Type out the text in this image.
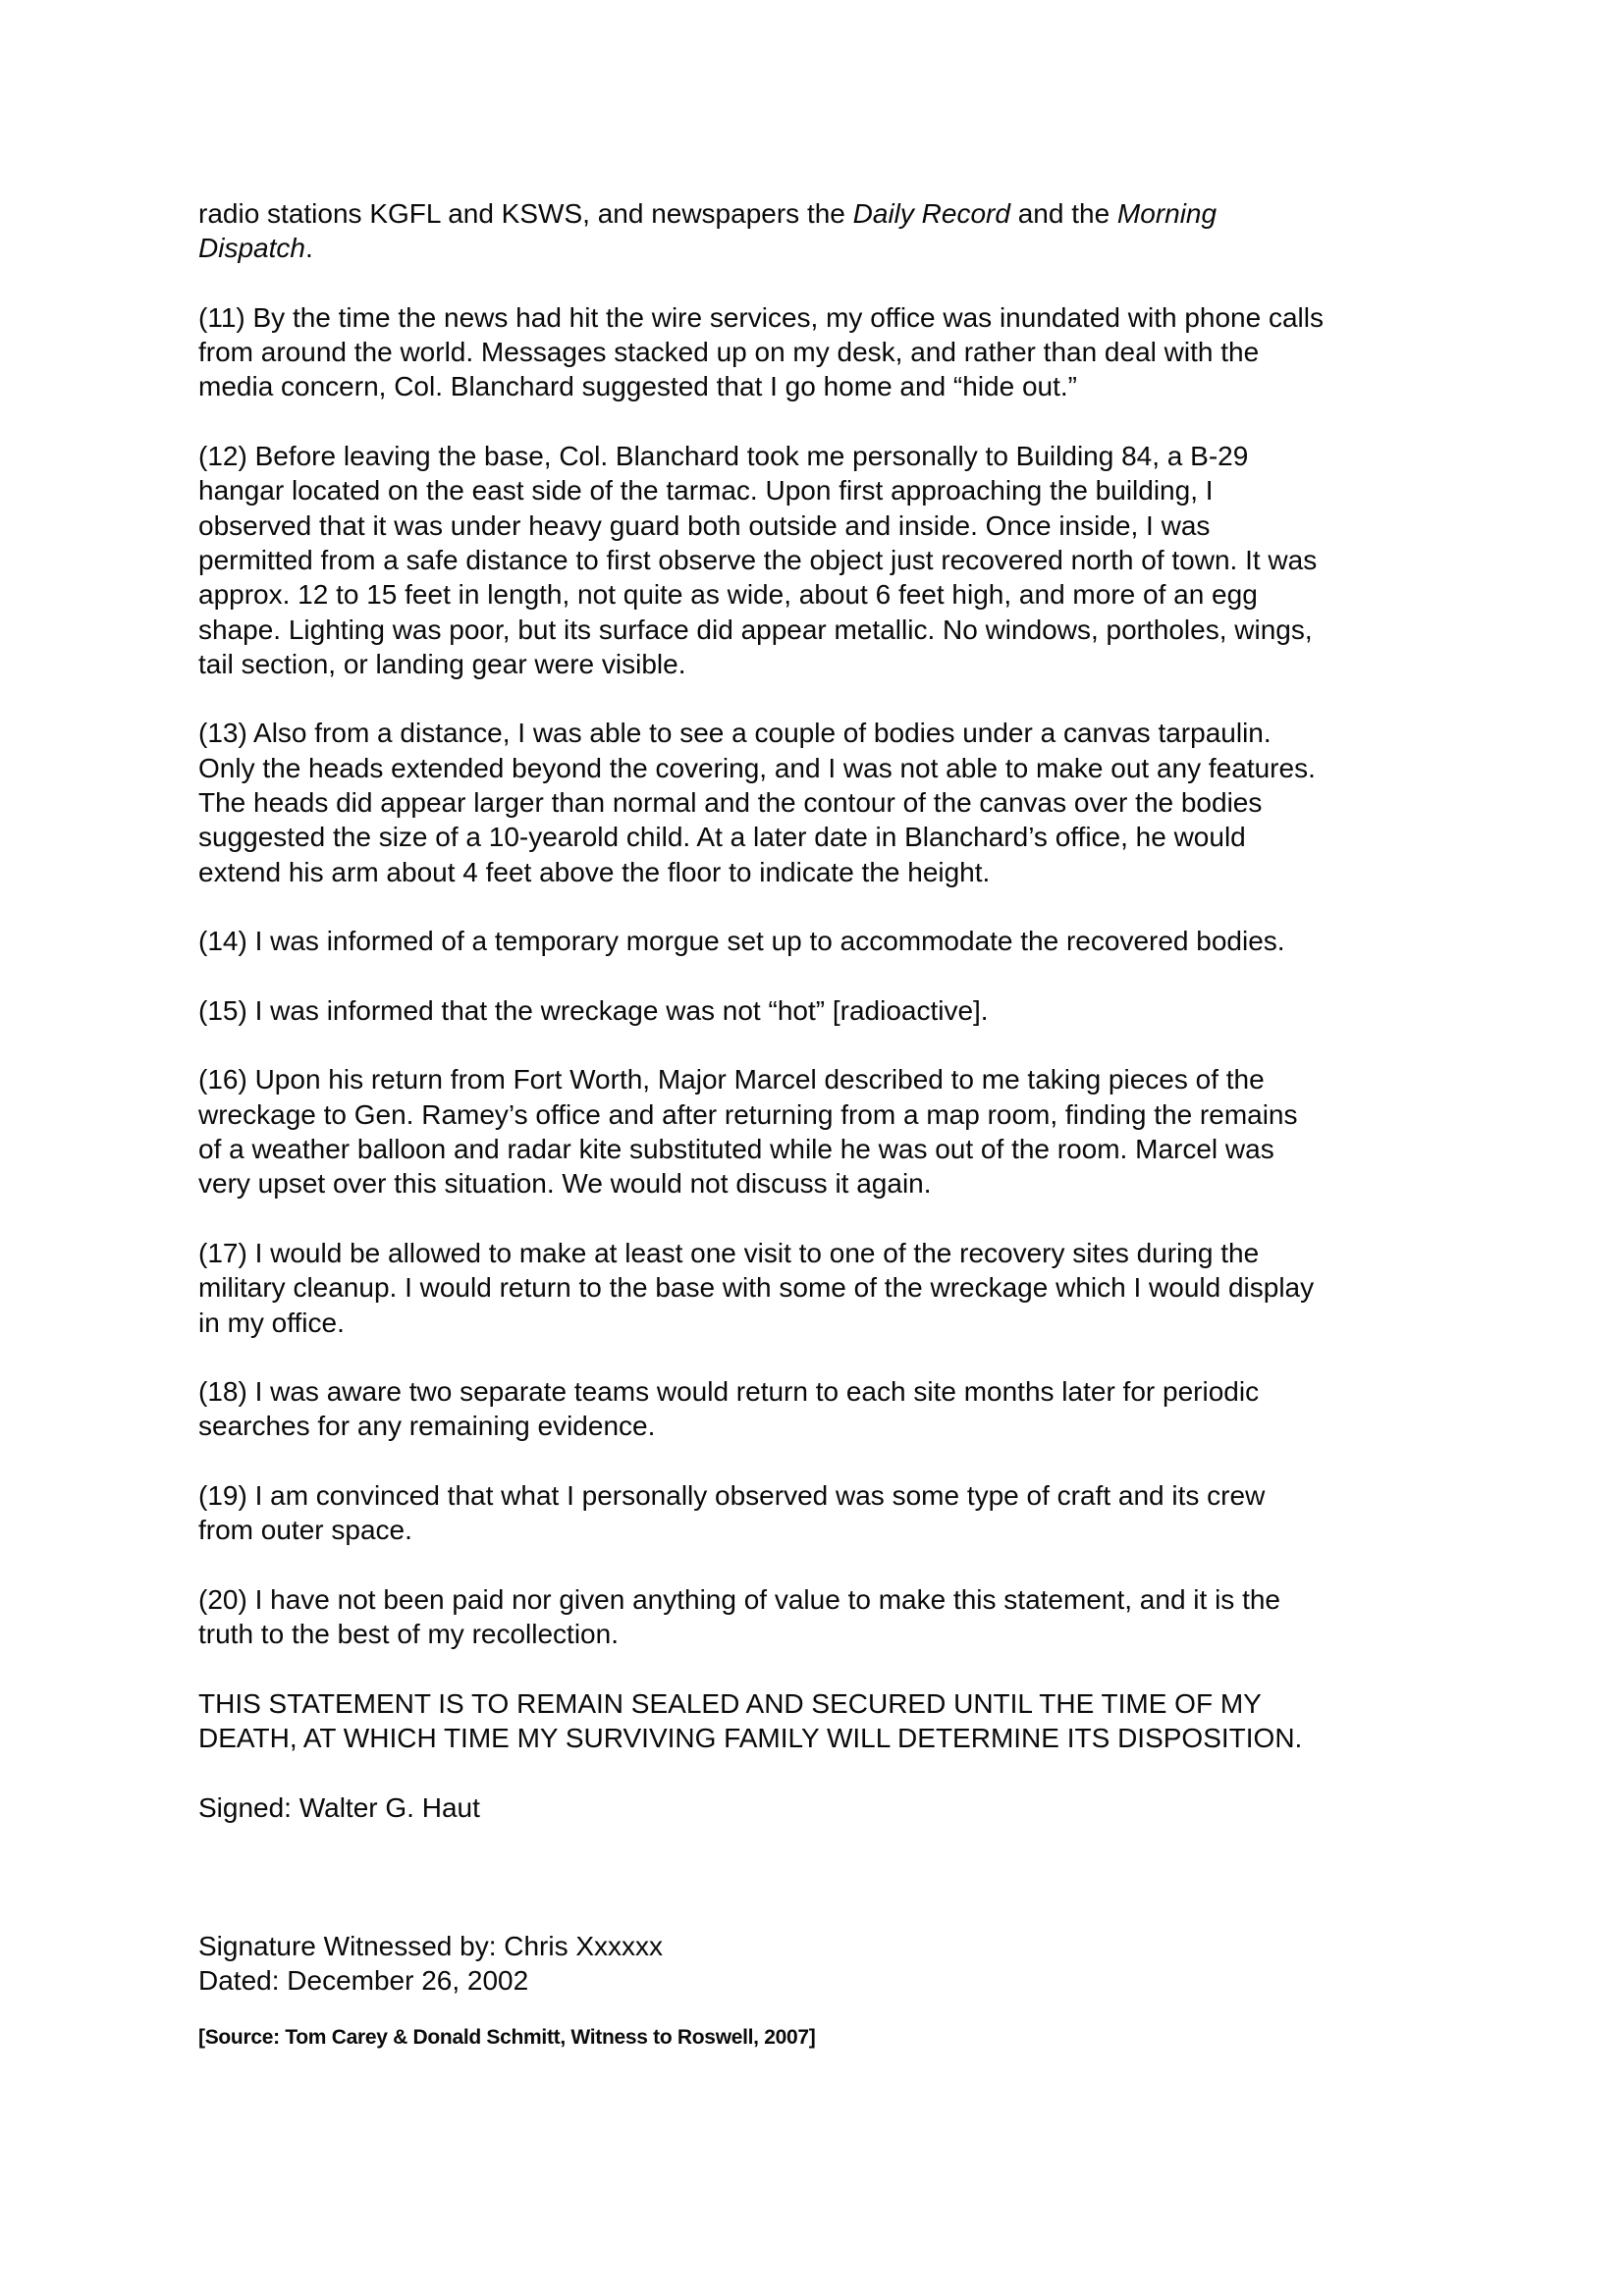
radio stations KGFL and KSWS, and newspapers the Daily Record and the Morning
Dispatch.
(11) By the time the news had hit the wire services, my office was inundated with phone calls
from around the world. Messages stacked up on my desk, and rather than deal with the
media concern, Col. Blanchard suggested that I go home and “hide out.”
(12) Before leaving the base, Col. Blanchard took me personally to Building 84, a B-29
hangar located on the east side of the tarmac. Upon first approaching the building, I
observed that it was under heavy guard both outside and inside. Once inside, I was
permitted from a safe distance to first observe the object just recovered north of town. It was
approx. 12 to 15 feet in length, not quite as wide, about 6 feet high, and more of an egg
shape. Lighting was poor, but its surface did appear metallic. No windows, portholes, wings,
tail section, or landing gear were visible.
(13) Also from a distance, I was able to see a couple of bodies under a canvas tarpaulin.
Only the heads extended beyond the covering, and I was not able to make out any features.
The heads did appear larger than normal and the contour of the canvas over the bodies
suggested the size of a 10-yearold child. At a later date in Blanchard’s office, he would
extend his arm about 4 feet above the floor to indicate the height.
(14) I was informed of a temporary morgue set up to accommodate the recovered bodies.
(15) I was informed that the wreckage was not “hot” [radioactive].
(16) Upon his return from Fort Worth, Major Marcel described to me taking pieces of the
wreckage to Gen. Ramey’s office and after returning from a map room, finding the remains
of a weather balloon and radar kite substituted while he was out of the room. Marcel was
very upset over this situation. We would not discuss it again.
(17) I would be allowed to make at least one visit to one of the recovery sites during the
military cleanup. I would return to the base with some of the wreckage which I would display
in my office.
(18) I was aware two separate teams would return to each site months later for periodic
searches for any remaining evidence.
(19) I am convinced that what I personally observed was some type of craft and its crew
from outer space.
(20) I have not been paid nor given anything of value to make this statement, and it is the
truth to the best of my recollection.
THIS STATEMENT IS TO REMAIN SEALED AND SECURED UNTIL THE TIME OF MY
DEATH, AT WHICH TIME MY SURVIVING FAMILY WILL DETERMINE ITS DISPOSITION.
Signed: Walter G. Haut
Signature Witnessed by: Chris Xxxxxx
Dated: December 26, 2002
[Source: Tom Carey & Donald Schmitt, Witness to Roswell, 2007]
